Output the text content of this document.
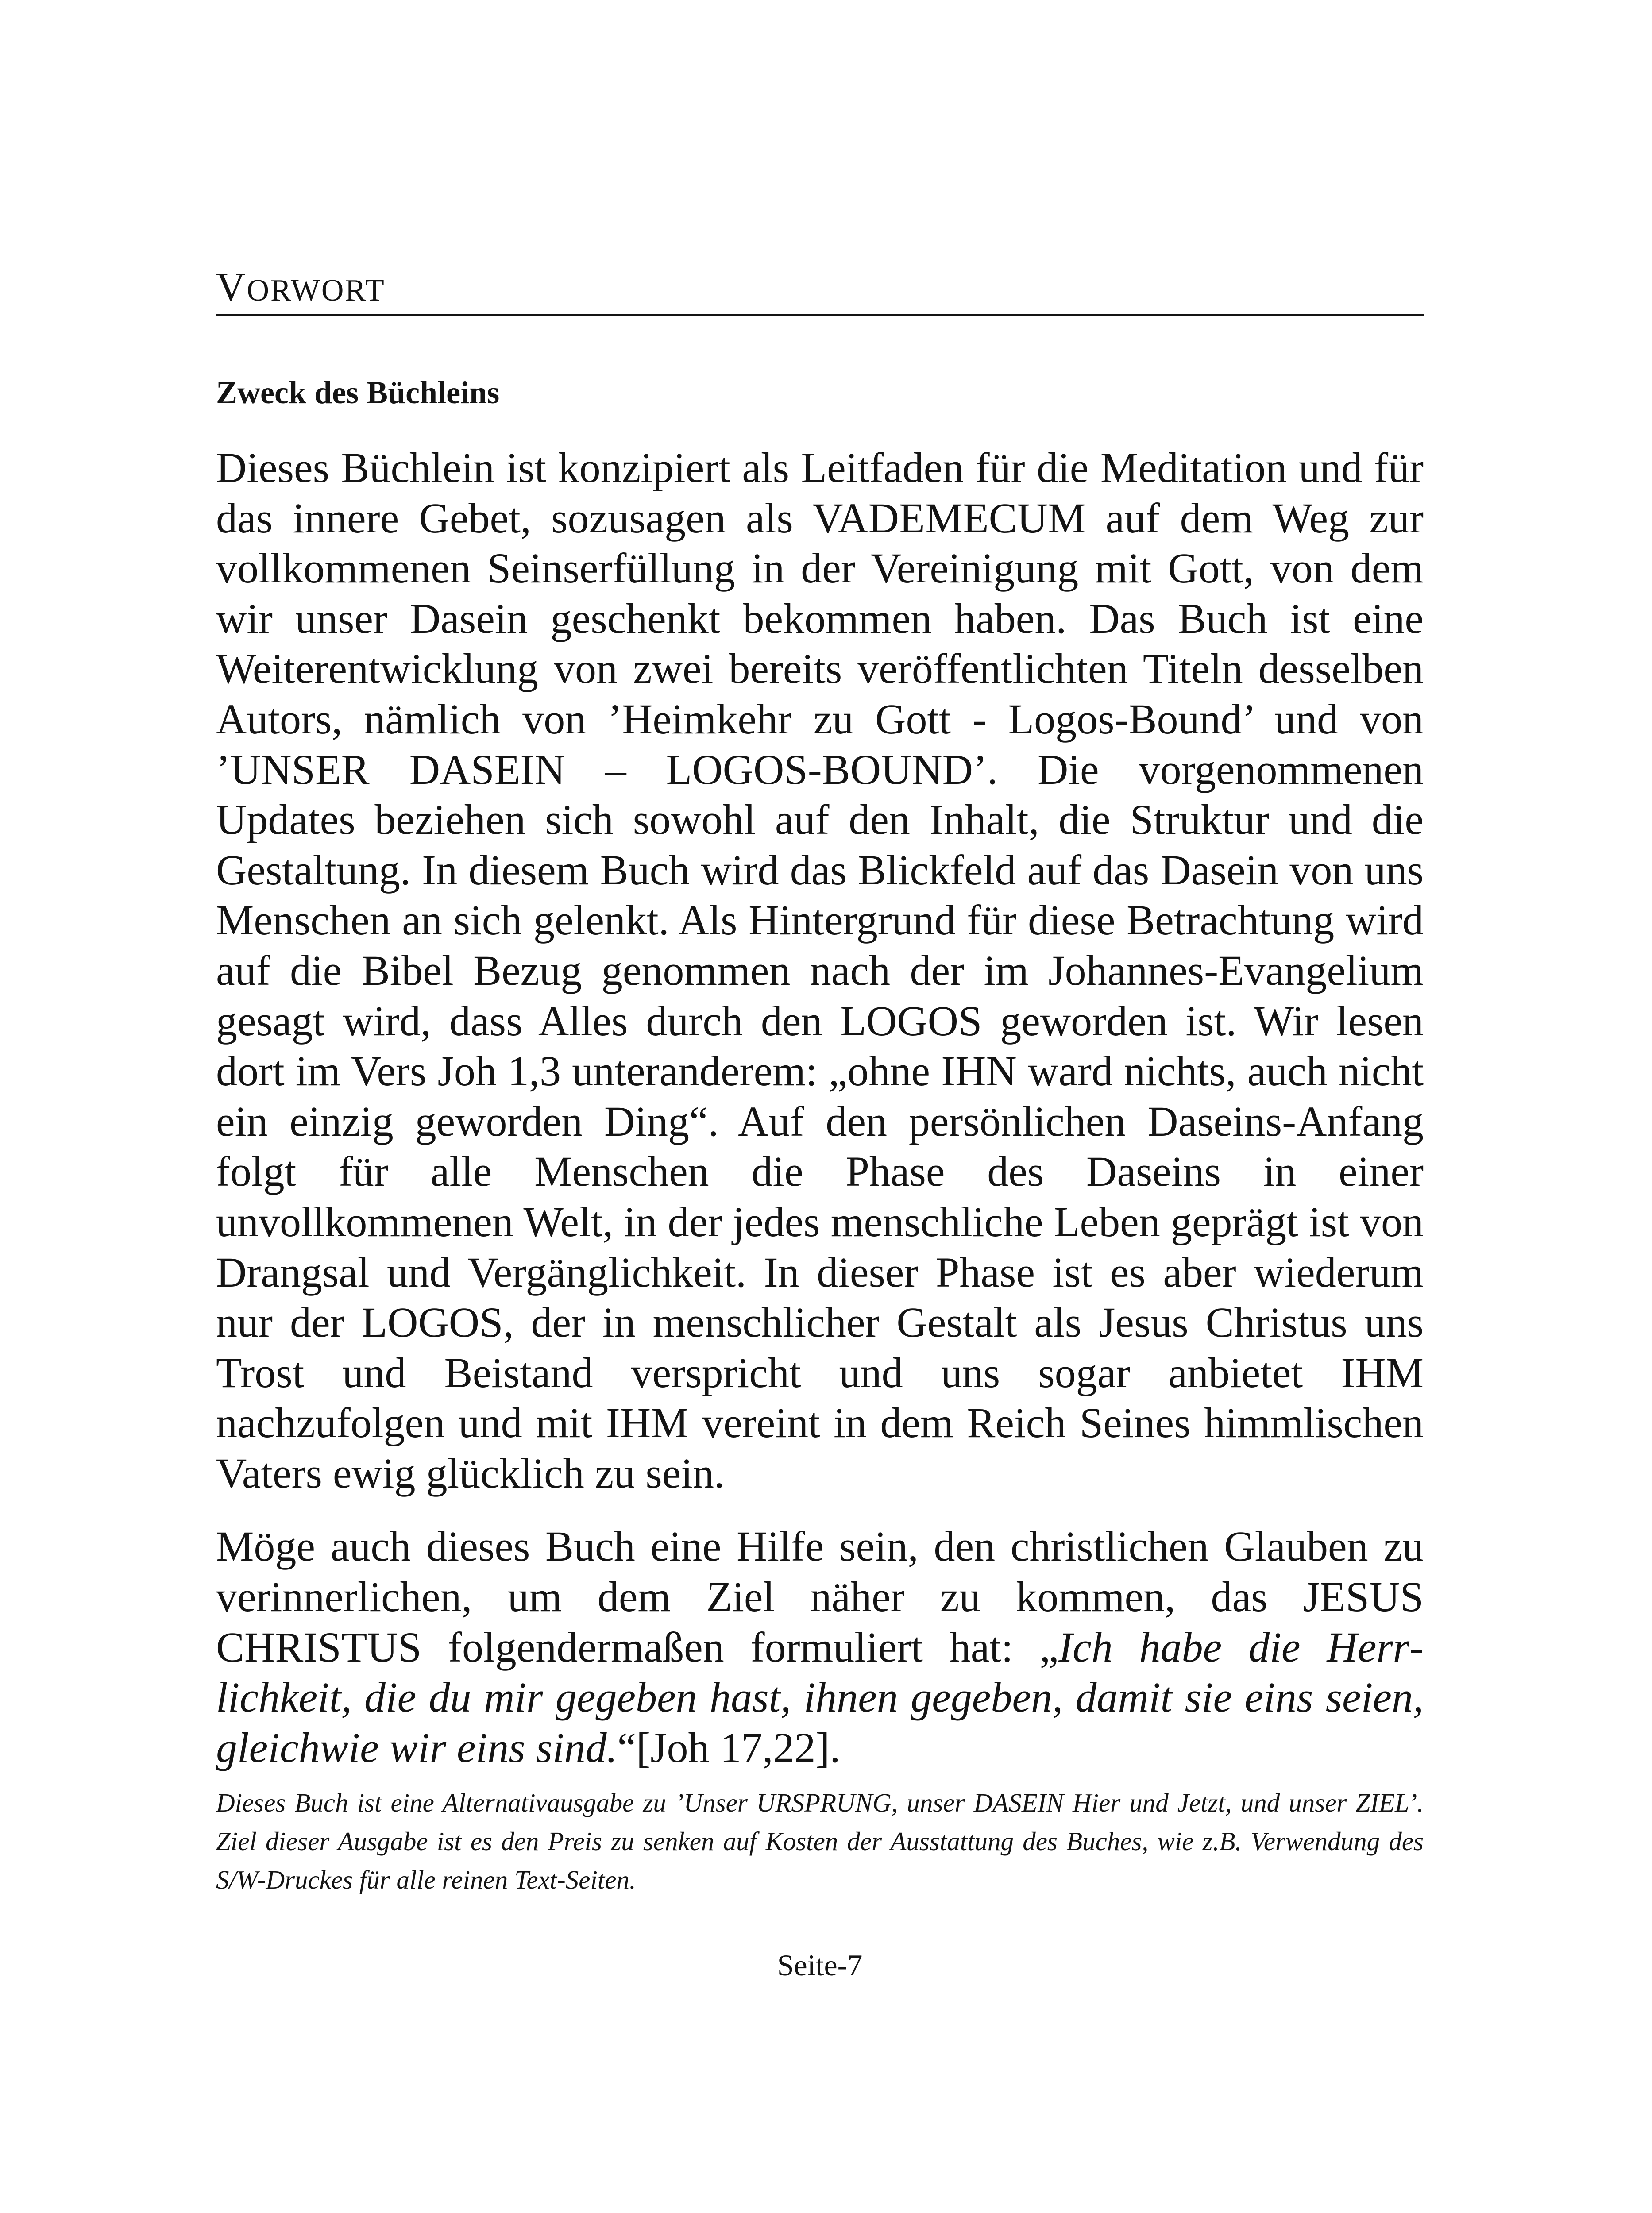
VORWORT
Zweck des Büchleins

Dieses Büchlein ist konzipiert als Leitfaden für die Meditation und für das innere Gebet, sozusagen als VADEMECUM auf dem Weg zur vollkommenen Seinserfüllung in der Vereinigung mit Gott, von dem wir unser Dasein geschenkt bekommen haben. Das Buch ist eine Weiterentwicklung von zwei bereits veröffentlichten Titeln desselben Autors, nämlich von ’Heimkehr zu Gott - Logos-Bound’ und von ’UNSER DASEIN – LOGOS-BOUND’. Die vorgenommenen Updates beziehen sich sowohl auf den Inhalt, die Struktur und die Gestaltung. In diesem Buch wird das Blickfeld auf das Dasein von uns Menschen an sich gelenkt. Als Hintergrund für diese Betrachtung wird auf die Bibel Bezug genommen nach der im Johannes-Evangelium gesagt wird, dass Alles durch den LOGOS geworden ist. Wir lesen dort im Vers Joh 1,3 unteranderem: „ohne IHN ward nichts, auch nicht ein einzig geworden Ding“. Auf den persönlichen Daseins-Anfang folgt für alle Menschen die Phase des Daseins in einer unvollkommenen Welt, in der jedes menschliche Leben geprägt ist von Drangsal und Vergänglichkeit. In dieser Phase ist es aber wiederum nur der LOGOS, der in menschlicher Gestalt als Jesus Christus uns Trost und Beistand verspricht und uns sogar anbietet IHM nachzufolgen und mit IHM vereint in dem Reich Seines himmlischen Vaters ewig glücklich zu sein.

Möge auch dieses Buch eine Hilfe sein, den christlichen Glauben zu verinnerlichen, um dem Ziel näher zu kommen, das JESUS CHRISTUS folgendermaßen formuliert hat: „Ich habe die Herrlichkeit, die du mir gegeben hast, ihnen gegeben, damit sie eins seien, gleichwie wir eins sind.“[Joh 17,22].

Dieses Buch ist eine Alternativausgabe zu ’Unser URSPRUNG, unser DASEIN Hier und Jetzt, und unser ZIEL’. Ziel dieser Ausgabe ist es den Preis zu senken auf Kosten der Ausstattung des Buches, wie z.B. Verwendung des S/W-Druckes für alle reinen Text-Seiten.
Seite-7
